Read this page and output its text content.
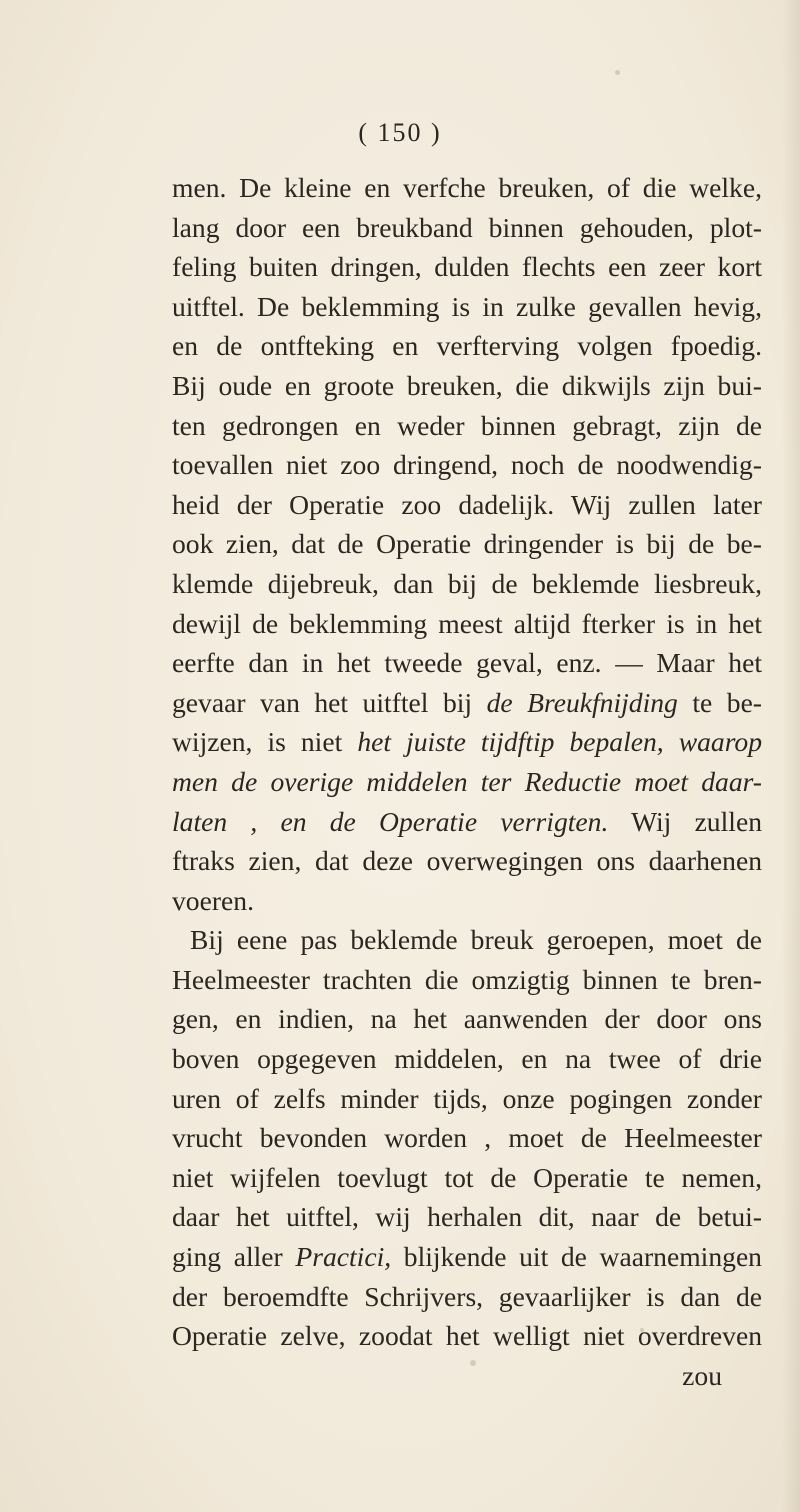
( 150 )
men. De kleine en verfche breuken, of die welke,
lang door een breukband binnen gehouden, plot-
feling buiten dringen, dulden flechts een zeer kort
uitftel. De beklemming is in zulke gevallen hevig,
en de ontfteking en verfterving volgen fpoedig.
Bij oude en groote breuken, die dikwijls zijn bui-
ten gedrongen en weder binnen gebragt, zijn de
toevallen niet zoo dringend, noch de noodwendig-
heid der Operatie zoo dadelijk. Wij zullen later
ook zien, dat de Operatie dringender is bij de be-
klemde dijebreuk, dan bij de beklemde liesbreuk,
dewijl de beklemming meest altijd fterker is in het
eerfte dan in het tweede geval, enz. — Maar het
gevaar van het uitftel bij de Breukfnijding te be-
wijzen, is niet het juiste tijdftip bepalen, waarop
men de overige middelen ter Reductie moet daar-
laten , en de Operatie verrigten. Wij zullen
ftraks zien, dat deze overwegingen ons daarhenen
voeren.
Bij eene pas beklemde breuk geroepen, moet de
Heelmeester trachten die omzigtig binnen te bren-
gen, en indien, na het aanwenden der door ons
boven opgegeven middelen, en na twee of drie
uren of zelfs minder tijds, onze pogingen zonder
vrucht bevonden worden , moet de Heelmeester
niet wijfelen toevlugt tot de Operatie te nemen,
daar het uitftel, wij herhalen dit, naar de betui-
ging aller Practici, blijkende uit de waarnemingen
der beroemdfte Schrijvers, gevaarlijker is dan de
Operatie zelve, zoodat het welligt niet overdreven
zou
